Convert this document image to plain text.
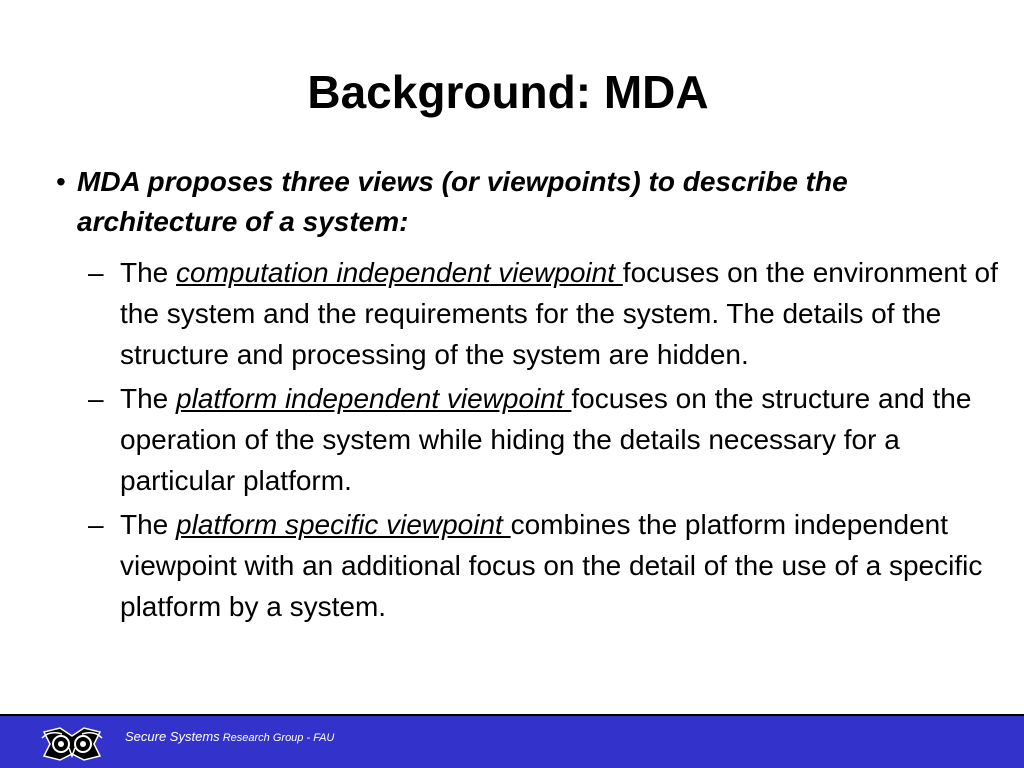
Background: MDA
• MDA proposes three views (or viewpoints) to describe the architecture of a system:
– The computation independent viewpoint focuses on the environment of the system and the requirements for the system. The details of the structure and processing of the system are hidden.
– The platform independent viewpoint focuses on the structure and the operation of the system while hiding the details necessary for a particular platform.
– The platform specific viewpoint combines the platform independent viewpoint with an additional focus on the detail of the use of a specific platform by a system.
Secure Systems Research Group - FAU
